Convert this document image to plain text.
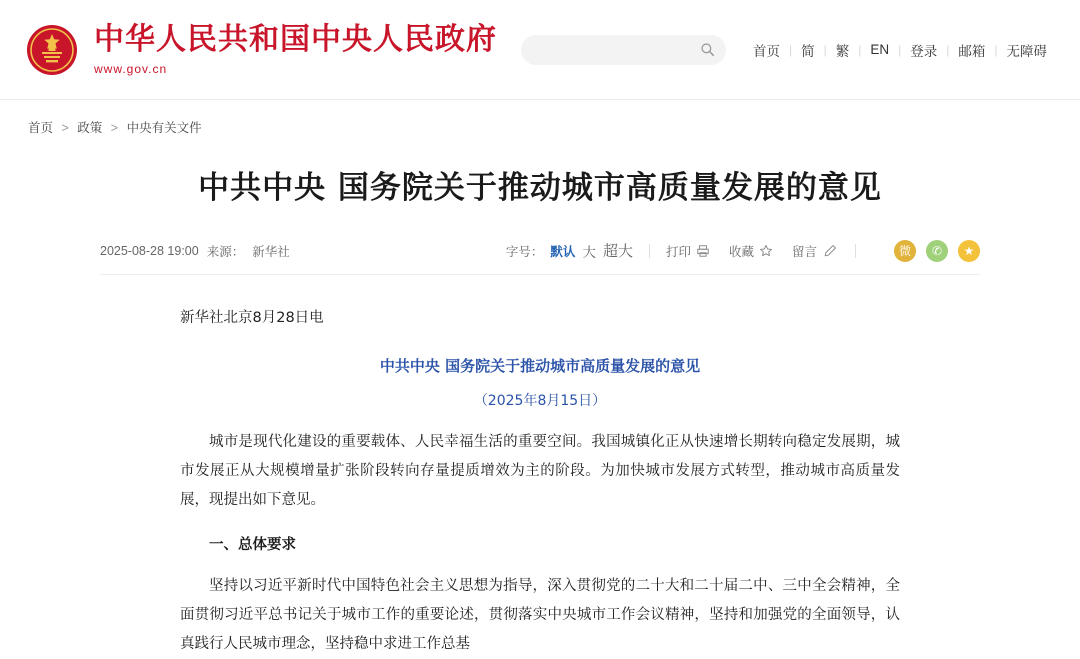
中华人民共和国中央人民政府
www.gov.cn
首页 | 简 | 繁 | EN | 登录 | 邮箱 | 无障碍
首页 > 政策 > 中央有关文件
中共中央 国务院关于推动城市高质量发展的意见
2025-08-28 19:00 来源： 新华社	字号： 默认 大 超大	打印	收藏	留言	微	✆	★
新华社北京8月28日电
中共中央 国务院关于推动城市高质量发展的意见
（2025年8月15日）

城市是现代化建设的重要载体、人民幸福生活的重要空间。我国城镇化正从快速增长期转向稳定发展期，城市发展正从大规模增量扩张阶段转向存量提质增效为主的阶段。为加快城市发展方式转型，推动城市高质量发展，现提出如下意见。

一、总体要求

坚持以习近平新时代中国特色社会主义思想为指导，深入贯彻党的二十大和二十届二中、三中全会精神，全面贯彻习近平总书记关于城市工作的重要论述，贯彻落实中央城市工作会议精神，坚持和加强党的全面领导，认真践行人民城市理念，坚持稳中求进工作总基
